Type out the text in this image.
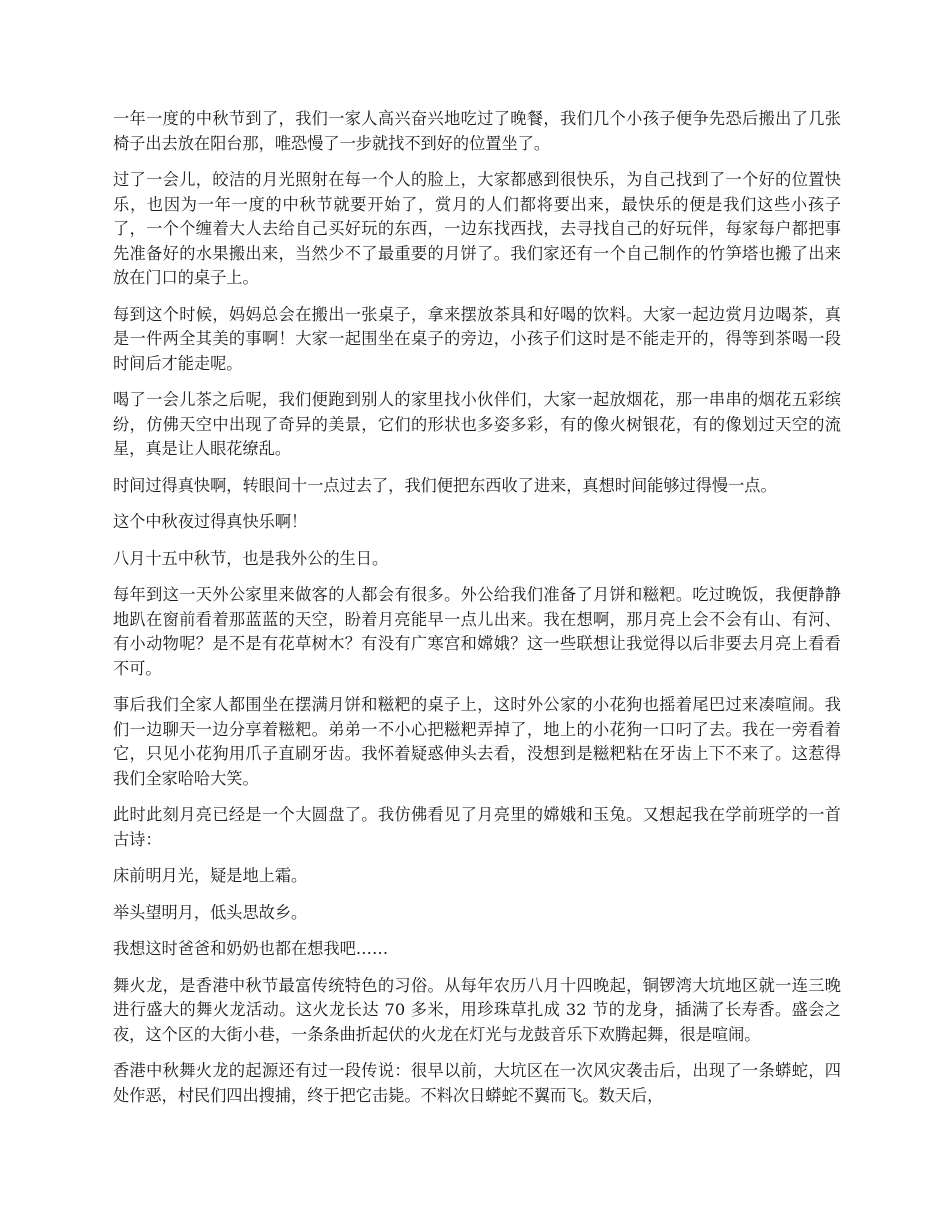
一年一度的中秋节到了，我们一家人高兴奋兴地吃过了晚餐，我们几个小孩子便争先恐后搬出了几张椅子出去放在阳台那，唯恐慢了一步就找不到好的位置坐了。

过了一会儿，皎洁的月光照射在每一个人的脸上，大家都感到很快乐，为自己找到了一个好的位置快乐，也因为一年一度的中秋节就要开始了，赏月的人们都将要出来，最快乐的便是我们这些小孩子了，一个个缠着大人去给自己买好玩的东西，一边东找西找，去寻找自己的好玩伴，每家每户都把事先准备好的水果搬出来，当然少不了最重要的月饼了。我们家还有一个自己制作的竹笋塔也搬了出来放在门口的桌子上。

每到这个时候，妈妈总会在搬出一张桌子，拿来摆放茶具和好喝的饮料。大家一起边赏月边喝茶，真是一件两全其美的事啊！大家一起围坐在桌子的旁边，小孩子们这时是不能走开的，得等到茶喝一段时间后才能走呢。

喝了一会儿茶之后呢，我们便跑到别人的家里找小伙伴们，大家一起放烟花，那一串串的烟花五彩缤纷，仿佛天空中出现了奇异的美景，它们的形状也多姿多彩，有的像火树银花，有的像划过天空的流星，真是让人眼花缭乱。

时间过得真快啊，转眼间十一点过去了，我们便把东西收了进来，真想时间能够过得慢一点。

这个中秋夜过得真快乐啊！

八月十五中秋节，也是我外公的生日。

每年到这一天外公家里来做客的人都会有很多。外公给我们准备了月饼和糍粑。吃过晚饭，我便静静地趴在窗前看着那蓝蓝的天空，盼着月亮能早一点儿出来。我在想啊，那月亮上会不会有山、有河、有小动物呢？是不是有花草树木？有没有广寒宫和嫦娥？这一些联想让我觉得以后非要去月亮上看看不可。

事后我们全家人都围坐在摆满月饼和糍粑的桌子上，这时外公家的小花狗也摇着尾巴过来凑喧闹。我们一边聊天一边分享着糍粑。弟弟一不小心把糍粑弄掉了，地上的小花狗一口叼了去。我在一旁看着它，只见小花狗用爪子直刷牙齿。我怀着疑惑伸头去看，没想到是糍粑粘在牙齿上下不来了。这惹得我们全家哈哈大笑。

此时此刻月亮已经是一个大圆盘了。我仿佛看见了月亮里的嫦娥和玉兔。又想起我在学前班学的一首古诗：

床前明月光，疑是地上霜。

举头望明月，低头思故乡。

我想这时爸爸和奶奶也都在想我吧……

舞火龙，是香港中秋节最富传统特色的习俗。从每年农历八月十四晚起，铜锣湾大坑地区就一连三晚进行盛大的舞火龙活动。这火龙长达 70 多米，用珍珠草扎成 32 节的龙身，插满了长寿香。盛会之夜，这个区的大街小巷，一条条曲折起伏的火龙在灯光与龙鼓音乐下欢腾起舞，很是喧闹。

香港中秋舞火龙的起源还有过一段传说：很早以前，大坑区在一次风灾袭击后，出现了一条蟒蛇，四处作恶，村民们四出搜捕，终于把它击毙。不料次日蟒蛇不翼而飞。数天后，
